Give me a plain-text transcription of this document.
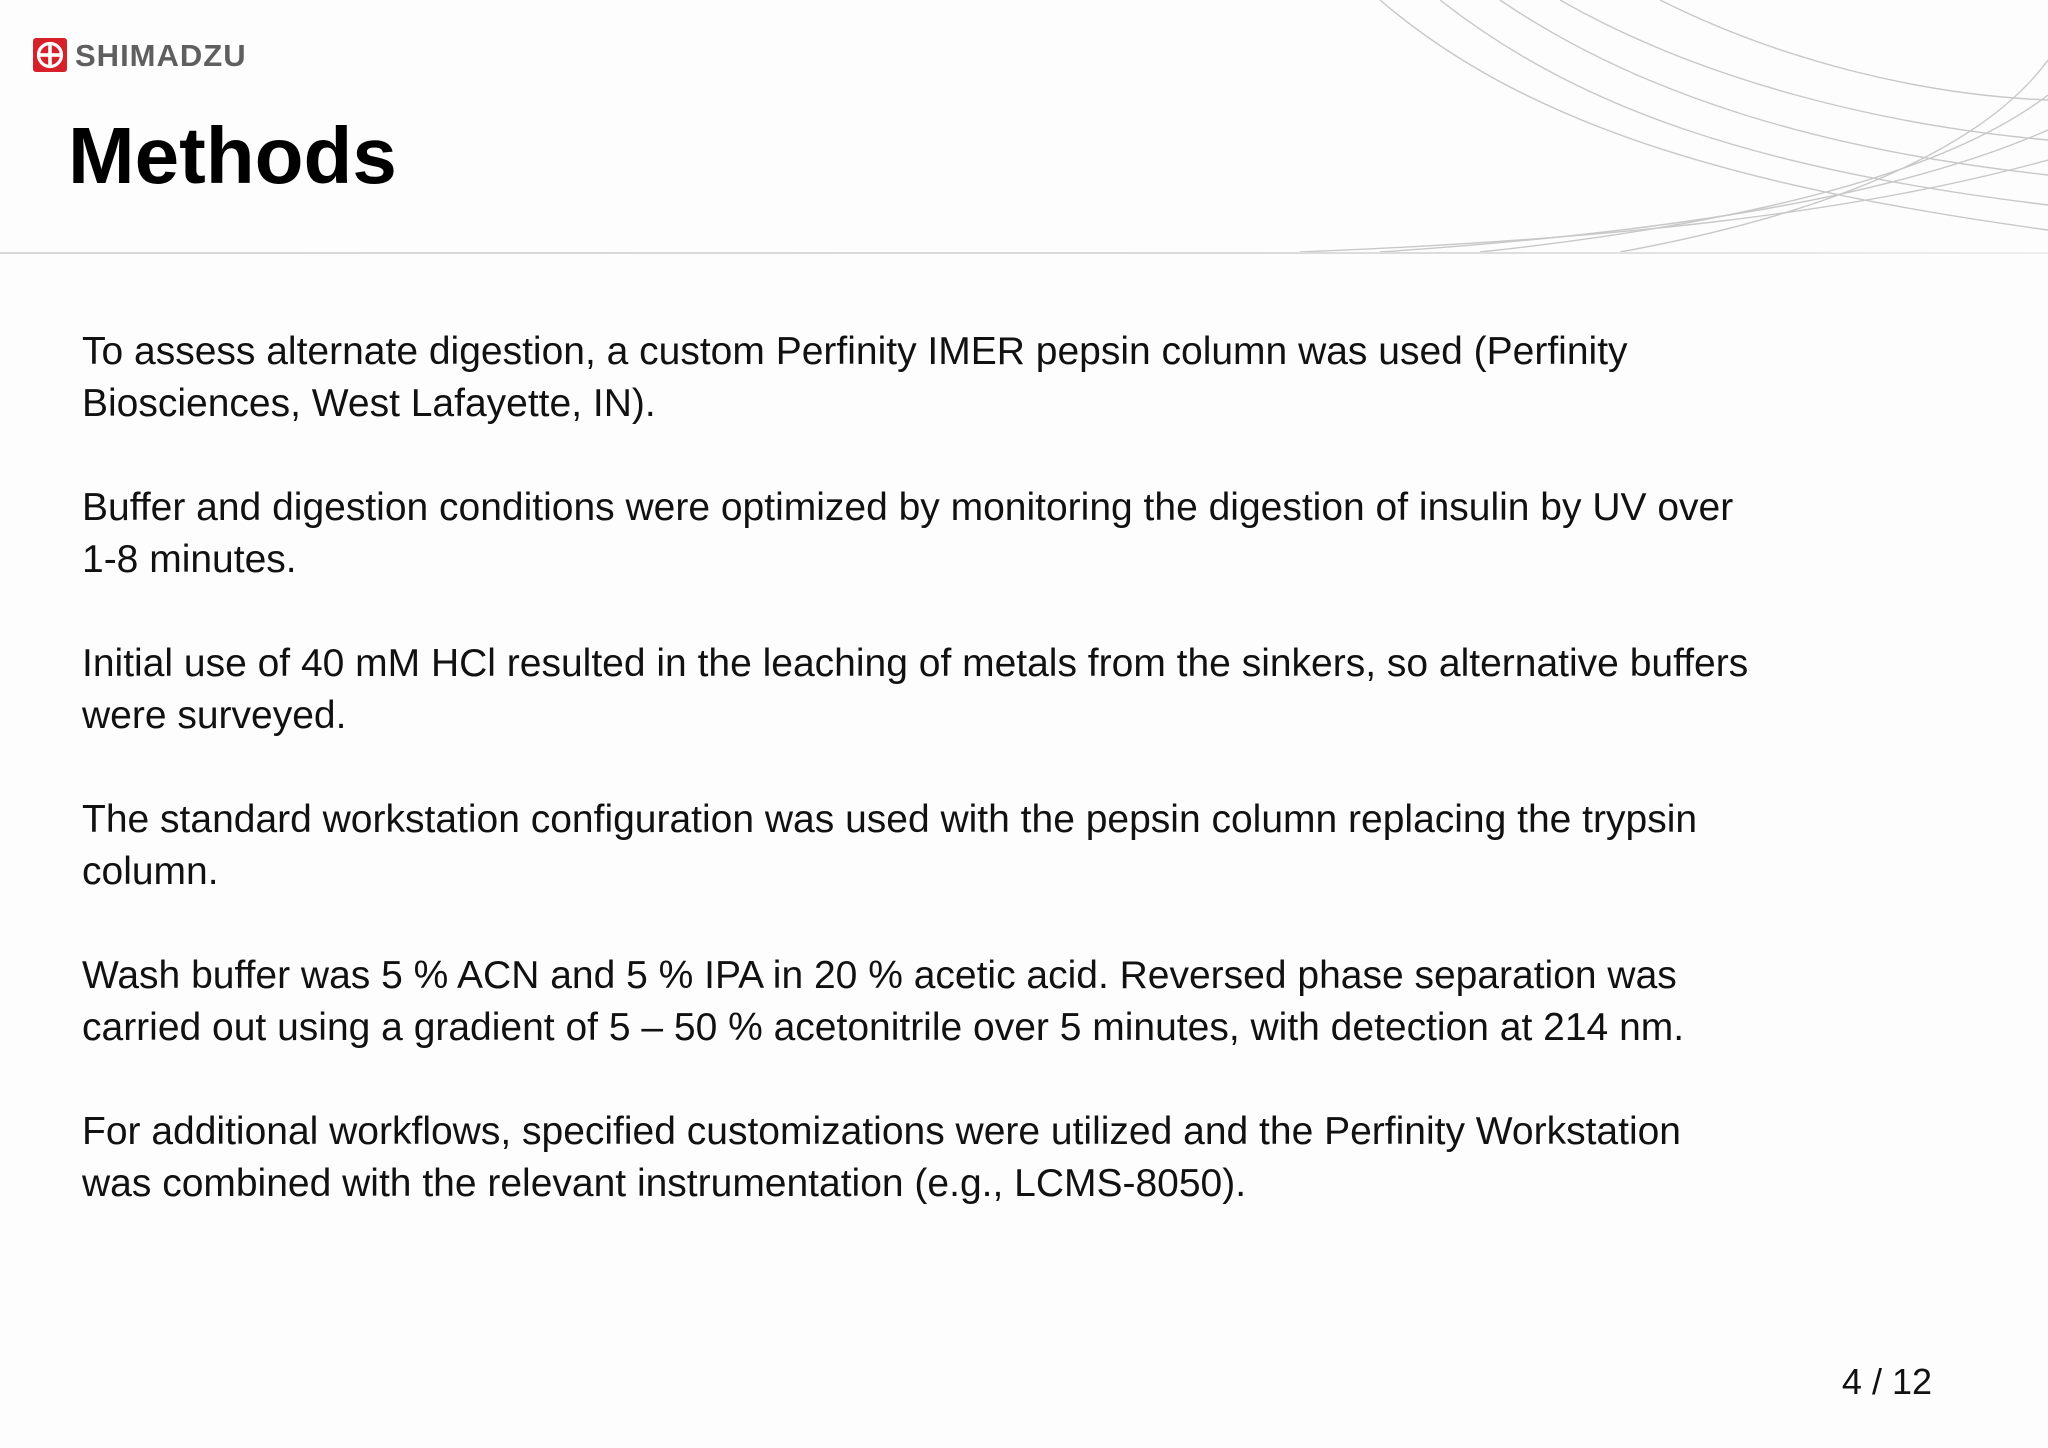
SHIMADZU
Methods

To assess alternate digestion, a custom Perfinity IMER pepsin column was used (Perfinity
Biosciences, West Lafayette, IN).

Buffer and digestion conditions were optimized by monitoring the digestion of insulin by UV over
1-8 minutes.

Initial use of 40 mM HCl resulted in the leaching of metals from the sinkers, so alternative buffers
were surveyed.

The standard workstation configuration was used with the pepsin column replacing the trypsin
column.

Wash buffer was 5 % ACN and 5 % IPA in 20 % acetic acid. Reversed phase separation was
carried out using a gradient of 5 – 50 % acetonitrile over 5 minutes, with detection at 214 nm.

For additional workflows, specified customizations were utilized and the Perfinity Workstation
was combined with the relevant instrumentation (e.g., LCMS-8050).

4 / 12
